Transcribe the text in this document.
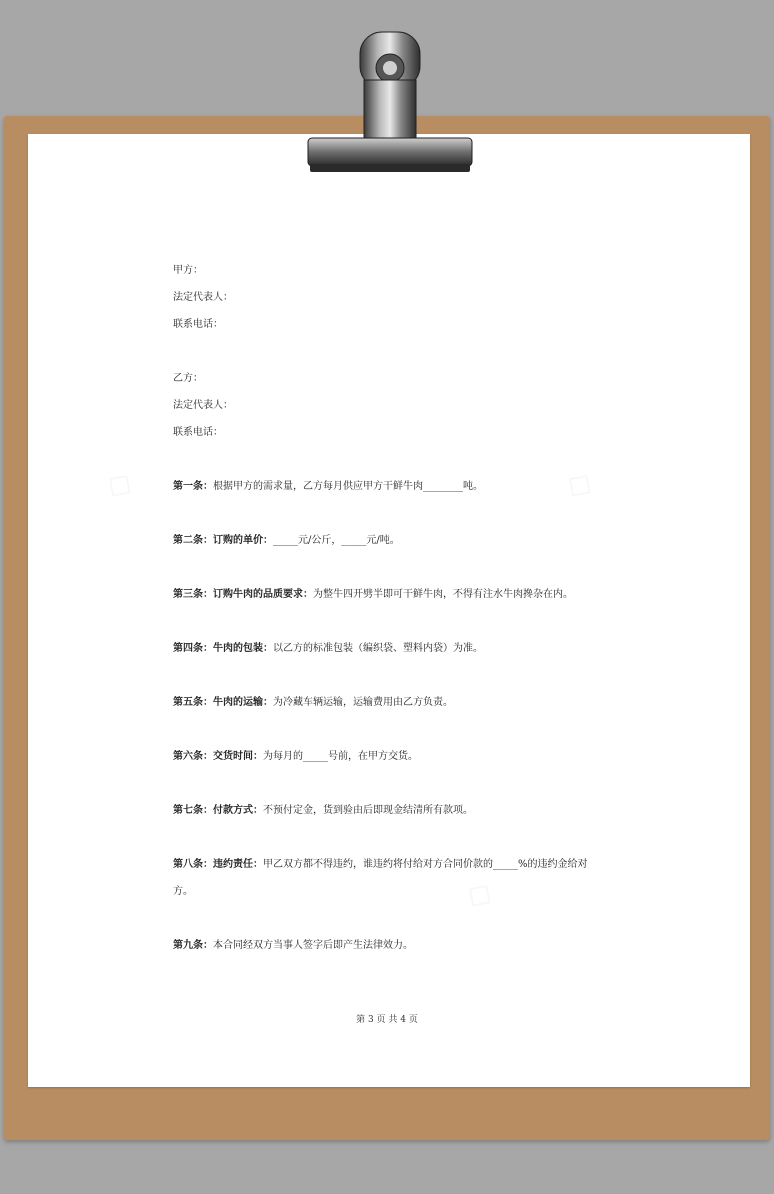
甲方：
法定代表人：
联系电话：
乙方：
法定代表人：
联系电话：
第一条：根据甲方的需求量，乙方每月供应甲方干鲜牛肉________吨。
第二条：订购的单价：_____元/公斤，_____元/吨。
第三条：订购牛肉的品质要求：为整牛四开劈半即可干鲜牛肉，不得有注水牛肉搀杂在内。
第四条：牛肉的包装：以乙方的标准包装（编织袋、塑料内袋）为准。
第五条：牛肉的运输：为冷藏车辆运输，运输费用由乙方负责。
第六条：交货时间：为每月的_____号前，在甲方交货。
第七条：付款方式：不预付定金，货到验由后即现金结清所有款项。
第八条：违约责任：甲乙双方都不得违约，谁违约将付给对方合同价款的_____%的违约金给对
方。
第九条：本合同经双方当事人签字后即产生法律效力。
第 3 页 共 4 页
